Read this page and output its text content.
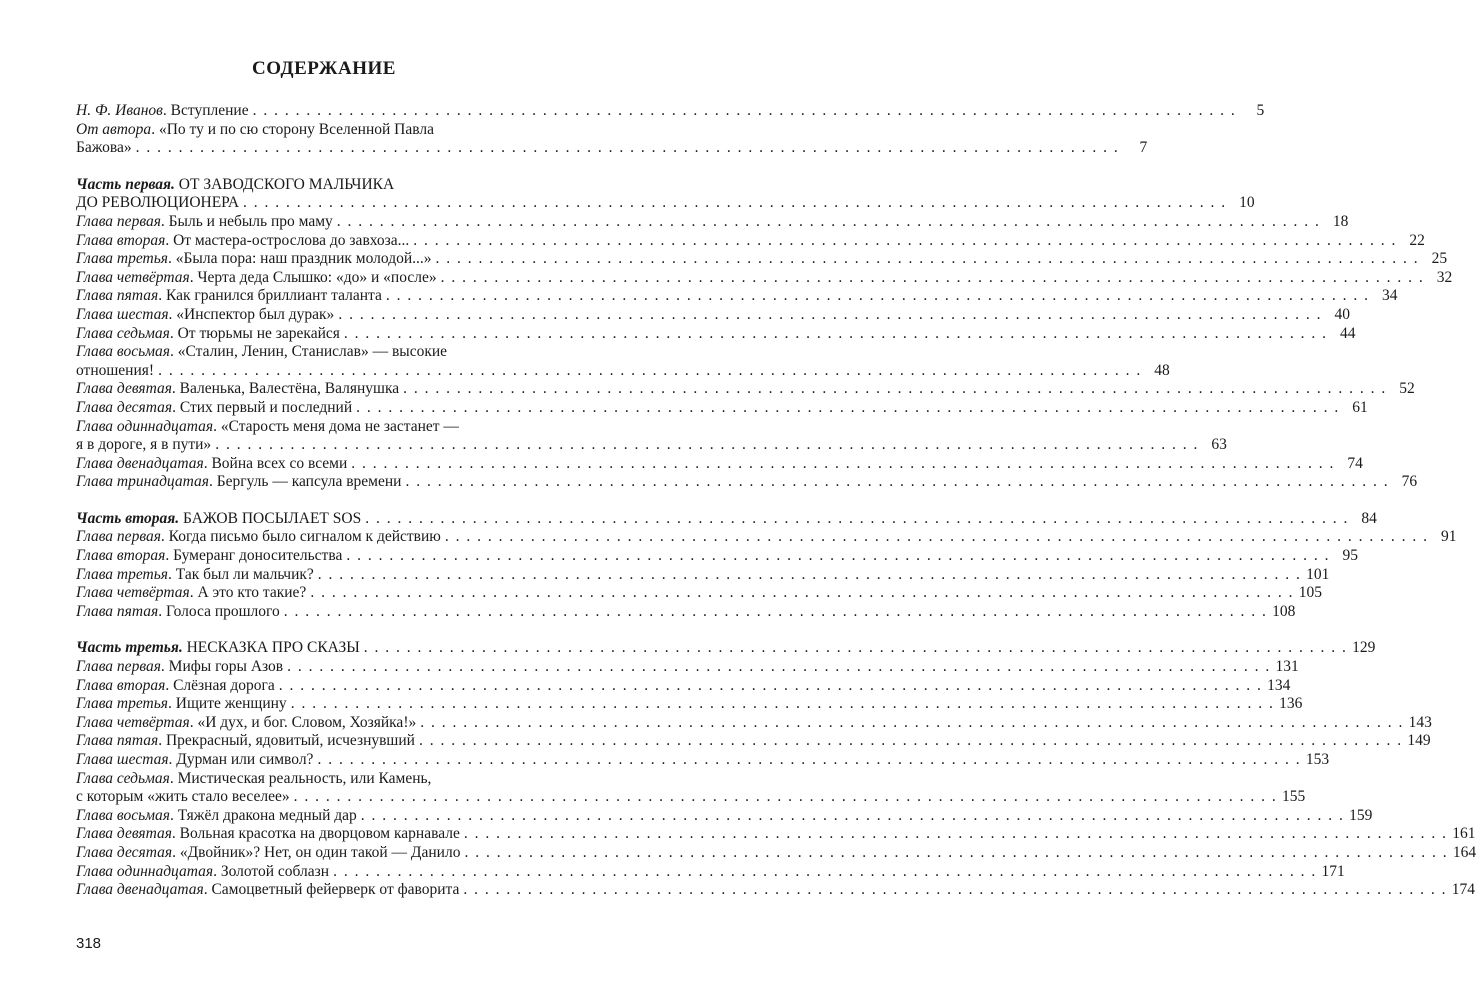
СОДЕРЖАНИЕ
Н. Ф. Иванов. Вступление . . .	5
От автора. «По ту и по сю сторону Вселенной Павла
Бажова» . . .	7
Часть первая. ОТ ЗАВОДСКОГО МАЛЬЧИКА
ДО РЕВОЛЮЦИОНЕРА . . .	10
Глава первая. Быль и небыль про маму . . .	18
Глава вторая. От мастера-острослова до завхоза... . . .	22
Глава третья. «Была пора: наш праздник молодой...» . . .	25
Глава четвёртая. Черта деда Слышко: «до» и «после» . . .	32
Глава пятая. Как гранился бриллиант таланта . . .	34
Глава шестая. «Инспектор был дурак» . . .	40
Глава седьмая. От тюрьмы не зарекайся . . .	44
Глава восьмая. «Сталин, Ленин, Станислав» — высокие
отношения! . . .	48
Глава девятая. Валенька, Валестёна, Валянушка . . .	52
Глава десятая. Стих первый и последний . . .	61
Глава одиннадцатая. «Старость меня дома не застанет —
я в дороге, я в пути» . . .	63
Глава двенадцатая. Война всех со всеми . . .	74
Глава тринадцатая. Бергуль — капсула времени . . .	76
Часть вторая. БАЖОВ ПОСЫЛАЕТ SOS . . .	84
Глава первая. Когда письмо было сигналом к действию . . .	91
Глава вторая. Бумеранг доносительства . . .	95
Глава третья. Так был ли мальчик? . . .	101
Глава четвёртая. А это кто такие? . . .	105
Глава пятая. Голоса прошлого . . .	108
Часть третья. НЕСКАЗКА ПРО СКАЗЫ . . .	129
Глава первая. Мифы горы Азов . . .	131
Глава вторая. Слёзная дорога . . .	134
Глава третья. Ищите женщину . . .	136
Глава четвёртая. «И дух, и бог. Словом, Хозяйка!» . . .	143
Глава пятая. Прекрасный, ядовитый, исчезнувший . . .	149
Глава шестая. Дурман или символ? . . .	153
Глава седьмая. Мистическая реальность, или Камень,
с которым «жить стало веселее» . . .	155
Глава восьмая. Тяжёл дракона медный дар . . .	159
Глава девятая. Вольная красотка на дворцовом карнавале . . .	161
Глава десятая. «Двойник»? Нет, он один такой — Данило . . .	164
Глава одиннадцатая. Золотой соблазн . . .	171
Глава двенадцатая. Самоцветный фейерверк от фаворита . . .	174
318
